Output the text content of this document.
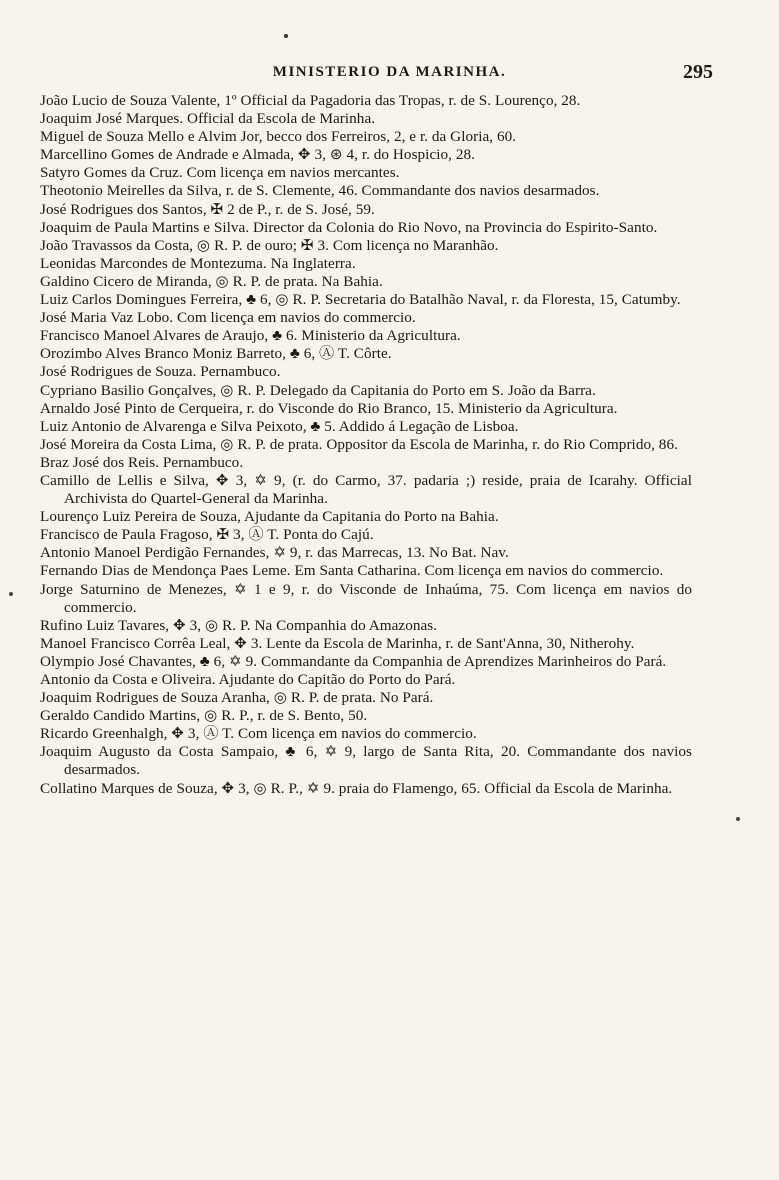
MINISTERIO DA MARINHA.	295

João Lucio de Souza Valente, 1º Official da Pagadoria das Tropas, r. de S. Lourenço, 28.

Joaquim José Marques. Official da Escola de Marinha.

Miguel de Souza Mello e Alvim Jor, becco dos Ferreiros, 2, e r. da Gloria, 60.

Marcellino Gomes de Andrade e Almada, ✥ 3, ⊛ 4, r. do Hospicio, 28.

Satyro Gomes da Cruz. Com licença em navios mercantes.

Theotonio Meirelles da Silva, r. de S. Clemente, 46. Commandante dos navios desarmados.

José Rodrigues dos Santos, ✠ 2 de P., r. de S. José, 59.

Joaquim de Paula Martins e Silva. Director da Colonia do Rio Novo, na Provincia do Espirito-Santo.

João Travassos da Costa, ◎ R. P. de ouro; ✠ 3. Com licença no Maranhão.

Leonidas Marcondes de Montezuma. Na Inglaterra.

Galdino Cicero de Miranda, ◎ R. P. de prata. Na Bahia.

Luiz Carlos Domingues Ferreira, ♣ 6, ◎ R. P. Secretaria do Batalhão Naval, r. da Floresta, 15, Catumby.

José Maria Vaz Lobo. Com licença em navios do commercio.

Francisco Manoel Alvares de Araujo, ♣ 6. Ministerio da Agricultura.

Orozimbo Alves Branco Moniz Barreto, ♣ 6, Ⓐ T. Côrte.

José Rodrigues de Souza. Pernambuco.

Cypriano Basilio Gonçalves, ◎ R. P. Delegado da Capitania do Porto em S. João da Barra.

Arnaldo José Pinto de Cerqueira, r. do Visconde do Rio Branco, 15. Ministerio da Agricultura.

Luiz Antonio de Alvarenga e Silva Peixoto, ♣ 5. Addido á Legação de Lisboa.

José Moreira da Costa Lima, ◎ R. P. de prata. Oppositor da Escola de Marinha, r. do Rio Comprido, 86.

Braz José dos Reis. Pernambuco.

Camillo de Lellis e Silva, ✥ 3, ✡ 9, (r. do Carmo, 37. padaria ;) reside, praia de Icarahy. Official Archivista do Quartel-General da Marinha.

Lourenço Luiz Pereira de Souza, Ajudante da Capitania do Porto na Bahia.

Francisco de Paula Fragoso, ✠ 3, Ⓐ T. Ponta do Cajú.

Antonio Manoel Perdigão Fernandes, ✡ 9, r. das Marrecas, 13. No Bat. Nav.

Fernando Dias de Mendonça Paes Leme. Em Santa Catharina. Com licença em navios do commercio.

Jorge Saturnino de Menezes, ✡ 1 e 9, r. do Visconde de Inhaúma, 75. Com licença em navios do commercio.

Rufino Luiz Tavares, ✥ 3, ◎ R. P. Na Companhia do Amazonas.

Manoel Francisco Corrêa Leal, ✥ 3. Lente da Escola de Marinha, r. de Sant'Anna, 30, Nitherohy.

Olympio José Chavantes, ♣ 6, ✡ 9. Commandante da Companhia de Aprendizes Marinheiros do Pará.

Antonio da Costa e Oliveira. Ajudante do Capitão do Porto do Pará.

Joaquim Rodrigues de Souza Aranha, ◎ R. P. de prata. No Pará.

Geraldo Candido Martins, ◎ R. P., r. de S. Bento, 50.

Ricardo Greenhalgh, ✥ 3, Ⓐ T. Com licença em navios do commercio.

Joaquim Augusto da Costa Sampaio, ♣ 6, ✡ 9, largo de Santa Rita, 20. Commandante dos navios desarmados.

Collatino Marques de Souza, ✥ 3, ◎ R. P., ✡ 9. praia do Flamengo, 65. Official da Escola de Marinha.
